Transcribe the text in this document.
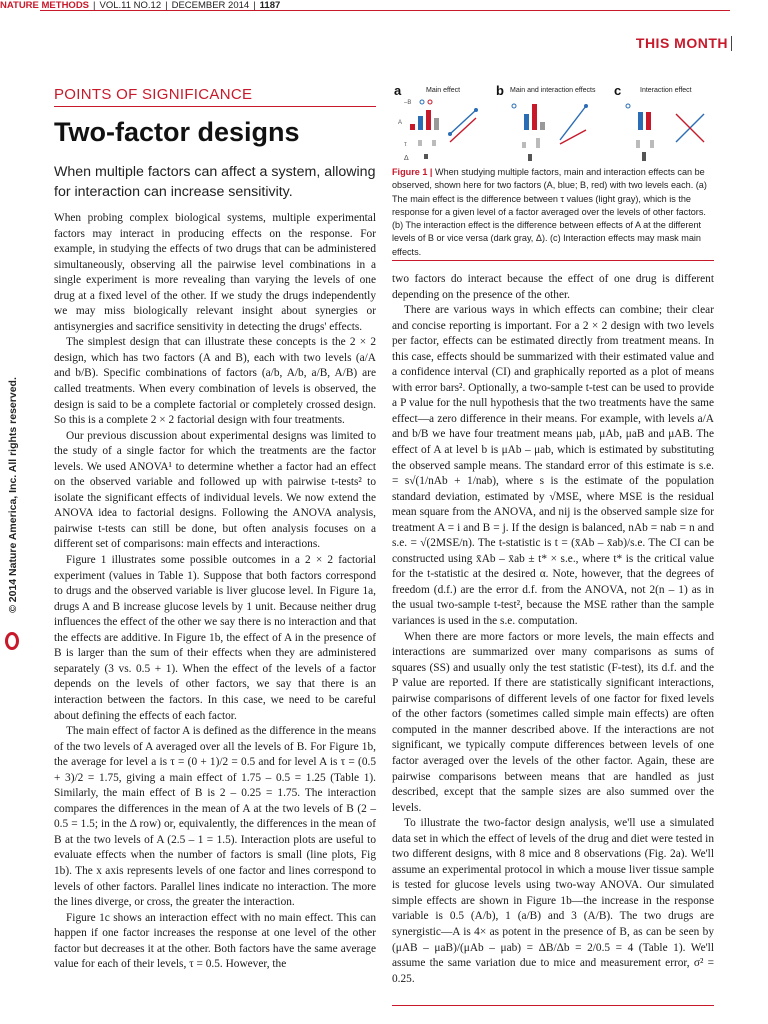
THIS MONTH
POINTS OF SIGNIFICANCE
Two-factor designs
When multiple factors can affect a system, allowing for interaction can increase sensitivity.

When probing complex biological systems, multiple experimental factors may interact in producing effects on the response. For example, in studying the effects of two drugs that can be administered simultaneously, observing all the pairwise level combinations in a single experiment is more revealing than varying the levels of one drug at a fixed level of the other. If we study the drugs independently we may miss biologically relevant insight about synergies or antisynergies and sacrifice sensitivity in detecting the drugs' effects.

The simplest design that can illustrate these concepts is the 2 × 2 design, which has two factors (A and B), each with two levels (a/A and b/B). Specific combinations of factors (a/b, A/b, a/B, A/B) are called treatments. When every combination of levels is observed, the design is said to be a complete factorial or completely crossed design. So this is a complete 2 × 2 factorial design with four treatments.

Our previous discussion about experimental designs was limited to the study of a single factor for which the treatments are the factor levels. We used ANOVA¹ to determine whether a factor had an effect on the observed variable and followed up with pairwise t-tests² to isolate the significant effects of individual levels. We now extend the ANOVA idea to factorial designs. Following the ANOVA analysis, pairwise t-tests can still be done, but often analysis focuses on a different set of comparisons: main effects and interactions.

Figure 1 illustrates some possible outcomes in a 2 × 2 factorial experiment (values in Table 1). Suppose that both factors correspond to drugs and the observed variable is liver glucose level. In Figure 1a, drugs A and B increase glucose levels by 1 unit. Because neither drug influences the effect of the other we say there is no interaction and that the effects are additive. In Figure 1b, the effect of A in the presence of B is larger than the sum of their effects when they are administered separately (3 vs. 0.5 + 1). When the effect of the levels of a factor depends on the levels of other factors, we say that there is an interaction between the factors. In this case, we need to be careful about defining the effects of each factor.

The main effect of factor A is defined as the difference in the means of the two levels of A averaged over all the levels of B. For Figure 1b, the average for level a is τ = (0 + 1)/2 = 0.5 and for level A is τ = (0.5 + 3)/2 = 1.75, giving a main effect of 1.75 – 0.5 = 1.25 (Table 1). Similarly, the main effect of B is 2 – 0.25 = 1.75. The interaction compares the differences in the mean of A at the two levels of B (2 – 0.5 = 1.5; in the Δ row) or, equivalently, the differences in the mean of B at the two levels of A (2.5 – 1 = 1.5). Interaction plots are useful to evaluate effects when the number of factors is small (line plots, Fig 1b). The x axis represents levels of one factor and lines correspond to levels of other factors. Parallel lines indicate no interaction. The more the lines diverge, or cross, the greater the interaction.

Figure 1c shows an interaction effect with no main effect. This can happen if one factor increases the response at one level of the other factor but decreases it at the other. Both factors have the same average value for each of their levels, τ = 0.5. However, the

a	Main effect
–B
A
τ
Δ
b Main and interaction effects c	Interaction effect
Figure 1 | When studying multiple factors, main and interaction effects can be observed, shown here for two factors (A, blue; B, red) with two levels each. (a) The main effect is the difference between τ values (light gray), which is the response for a given level of a factor averaged over the levels of other factors. (b) The interaction effect is the difference between effects of A at the different levels of B or vice versa (dark gray, Δ). (c) Interaction effects may mask main effects.

two factors do interact because the effect of one drug is different depending on the presence of the other.

There are various ways in which effects can combine; their clear and concise reporting is important. For a 2 × 2 design with two levels per factor, effects can be estimated directly from treatment means. In this case, effects should be summarized with their estimated value and a confidence interval (CI) and graphically reported as a plot of means with error bars². Optionally, a two-sample t-test can be used to provide a P value for the null hypothesis that the two treatments have the same effect—a zero difference in their means. For example, with levels a/A and b/B we have four treatment means μab, μAb, μaB and μAB. The effect of A at level b is μAb – μab, which is estimated by substituting the observed sample means. The standard error of this estimate is s.e. = s√(1/nAb + 1/nab), where s is the estimate of the population standard deviation, estimated by √MSE, where MSE is the residual mean square from the ANOVA, and nij is the observed sample size for treatment A = i and B = j. If the design is balanced, nAb = nab = n and s.e. = √(2MSE/n). The t-statistic is t = (x̄Ab – x̄ab)/s.e. The CI can be constructed using x̄Ab – x̄ab ± t* × s.e., where t* is the critical value for the t-statistic at the desired α. Note, however, that the degrees of freedom (d.f.) are the error d.f. from the ANOVA, not 2(n – 1) as in the usual two-sample t-test², because the MSE rather than the sample variances is used in the s.e. computation.

When there are more factors or more levels, the main effects and interactions are summarized over many comparisons as sums of squares (SS) and usually only the test statistic (F-test), its d.f. and the P value are reported. If there are statistically significant interactions, pairwise comparisons of different levels of one factor for fixed levels of the other factors (sometimes called simple main effects) are often computed in the manner described above. If the interactions are not significant, we typically compute differences between levels of one factor averaged over the levels of the other factor. Again, these are pairwise comparisons between means that are handled as just described, except that the sample sizes are also summed over the levels.

To illustrate the two-factor design analysis, we'll use a simulated data set in which the effect of levels of the drug and diet were tested in two different designs, with 8 mice and 8 observations (Fig. 2a). We'll assume an experimental protocol in which a mouse liver tissue sample is tested for glucose levels using two-way ANOVA. Our simulated simple effects are shown in Figure 1b—the increase in the response variable is 0.5 (A/b), 1 (a/B) and 3 (A/B). The two drugs are synergistic—A is 4× as potent in the presence of B, as can be seen by (μAB – μaB)/(μAb – μab) = ΔB/Δb = 2/0.5 = 4 (Table 1). We'll assume the same variation due to mice and measurement error, σ² = 0.25.

© 2014 Nature America, Inc. All rights reserved.
NATURE METHODS | VOL.11 NO.12 | DECEMBER 2014 | 1187
